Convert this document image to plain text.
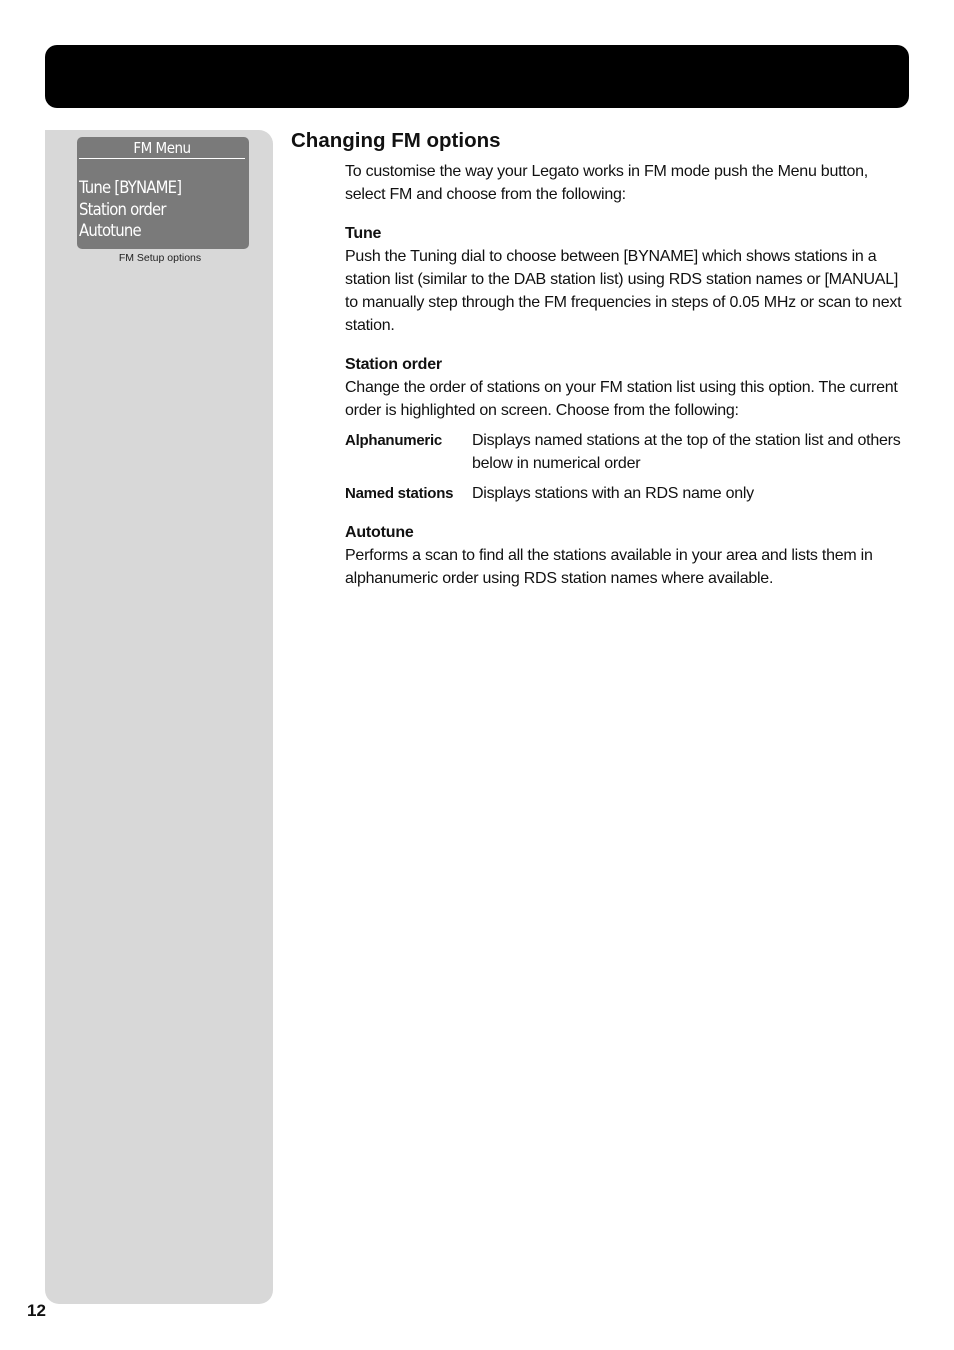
FM Menu
Tune [BYNAME]
Station order
Autotune
FM Setup options
12
Changing FM options

To customise the way your Legato works in FM mode push the Menu button, select FM and choose from the following:

Tune

Push the Tuning dial to choose between [BYNAME] which shows stations in a station list (similar to the DAB station list) using RDS station names or [MANUAL] to manually step through the FM frequencies in steps of 0.05 MHz or scan to next station.

Station order

Change the order of stations on your FM station list using this option. The current order is highlighted on screen. Choose from the following:

Alphanumeric	Displays named stations at the top of the station list and others below in numerical order
Named stations	Displays stations with an RDS name only

Autotune

Performs a scan to find all the stations available in your area and lists them in alphanumeric order using RDS station names where available.
